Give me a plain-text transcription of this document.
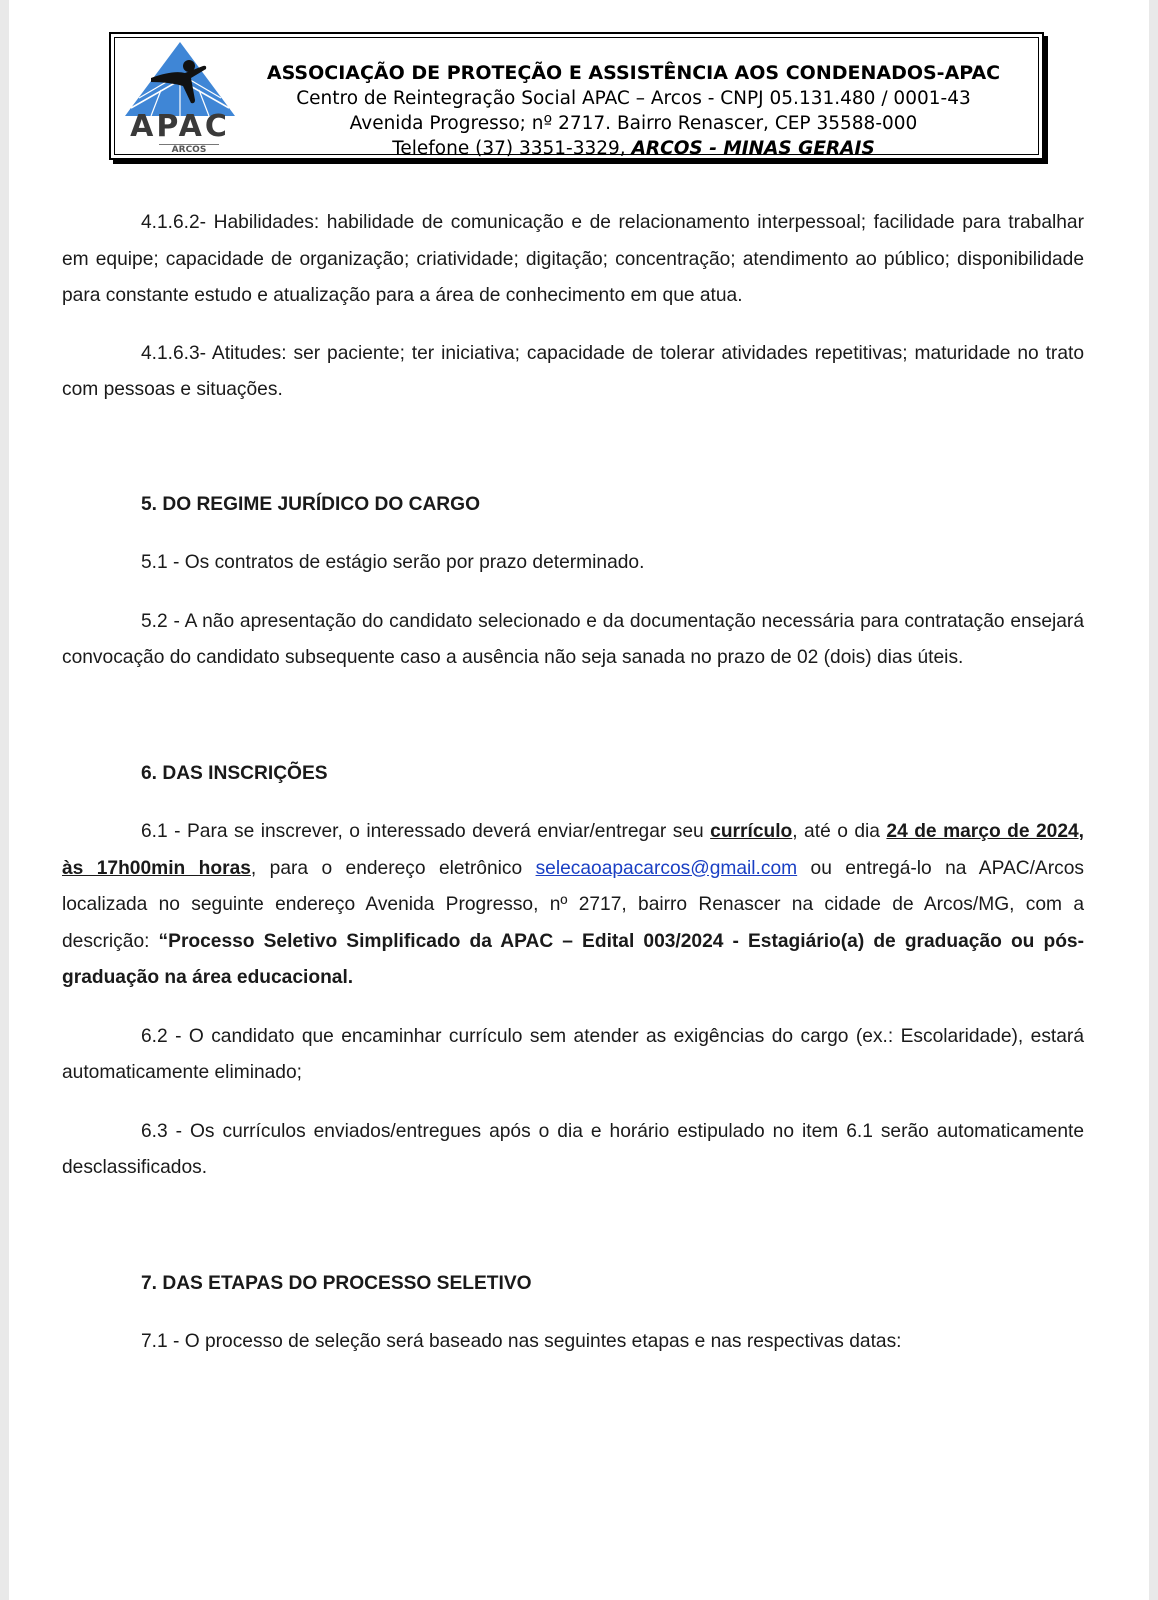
APAC
ARCOS
ASSOCIAÇÃO DE PROTEÇÃO E ASSISTÊNCIA AOS CONDENADOS-APAC
Centro de Reintegração Social APAC – Arcos - CNPJ 05.131.480 / 0001-43
Avenida Progresso; nº 2717. Bairro Renascer, CEP 35588-000
Telefone (37) 3351-3329, ARCOS - MINAS GERAIS

4.1.6.2- Habilidades: habilidade de comunicação e de relacionamento interpessoal; facilidade para trabalhar em equipe; capacidade de organização; criatividade; digitação; concentração; atendimento ao público; disponibilidade para constante estudo e atualização para a área de conhecimento em que atua.

4.1.6.3- Atitudes: ser paciente; ter iniciativa; capacidade de tolerar atividades repetitivas; maturidade no trato com pessoas e situações.

5. DO REGIME JURÍDICO DO CARGO

5.1 - Os contratos de estágio serão por prazo determinado.

5.2 - A não apresentação do candidato selecionado e da documentação necessária para contratação ensejará convocação do candidato subsequente caso a ausência não seja sanada no prazo de 02 (dois) dias úteis.

6. DAS INSCRIÇÕES

6.1 - Para se inscrever, o interessado deverá enviar/entregar seu currículo, até o dia 24 de março de 2024, às 17h00min horas, para o endereço eletrônico selecaoapacarcos@gmail.com ou entregá-lo na APAC/Arcos localizada no seguinte endereço Avenida Progresso, nº 2717, bairro Renascer na cidade de Arcos/MG, com a descrição: “Processo Seletivo Simplificado da APAC – Edital 003/2024 - Estagiário(a) de graduação ou pós-graduação na área educacional.

6.2 - O candidato que encaminhar currículo sem atender as exigências do cargo (ex.: Escolaridade), estará automaticamente eliminado;

6.3 - Os currículos enviados/entregues após o dia e horário estipulado no item 6.1 serão automaticamente desclassificados.

7. DAS ETAPAS DO PROCESSO SELETIVO

7.1 - O processo de seleção será baseado nas seguintes etapas e nas respectivas datas:
